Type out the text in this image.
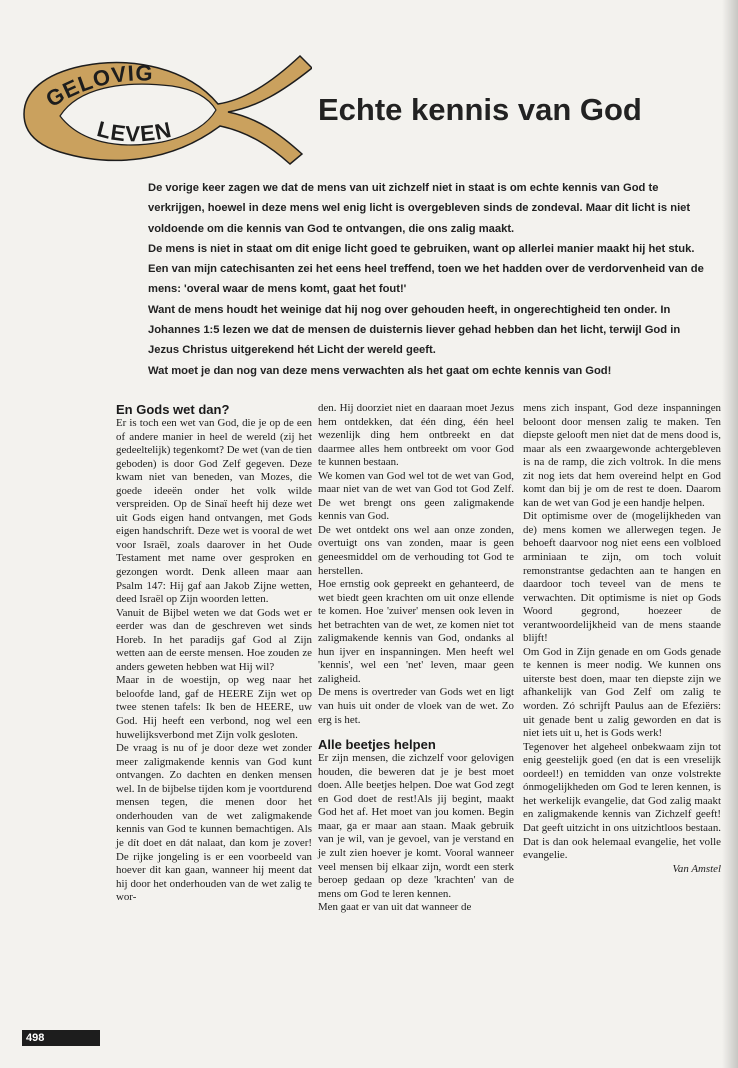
GELOVIG
LEVEN
Echte kennis van God

De vorige keer zagen we dat de mens van uit zichzelf niet in staat is om echte kennis van God te verkrijgen, hoewel in deze mens wel enig licht is overgebleven sinds de zondeval. Maar dit licht is niet voldoende om die kennis van God te ontvangen, die ons zalig maakt.

De mens is niet in staat om dit enige licht goed te gebruiken, want op allerlei manier maakt hij het stuk. Een van mijn catechisanten zei het eens heel treffend, toen we het hadden over de verdorvenheid van de mens: 'overal waar de mens komt, gaat het fout!'

Want de mens houdt het weinige dat hij nog over gehouden heeft, in ongerechtigheid ten onder. In Johannes 1:5 lezen we dat de mensen de duisternis liever gehad hebben dan het licht, terwijl God in Jezus Christus uitgerekend hét Licht der wereld geeft.

Wat moet je dan nog van deze mens verwachten als het gaat om echte kennis van God!

En Gods wet dan?

Er is toch een wet van God, die je op de een of andere manier in heel de wereld (zij het gedeeltelijk) tegenkomt? De wet (van de tien geboden) is door God Zelf gegeven. Deze kwam niet van beneden, van Mozes, die goede ideeën onder het volk wilde verspreiden. Op de Sinaï heeft hij deze wet uit Gods eigen hand ontvangen, met Gods eigen handschrift. Deze wet is vooral de wet voor Israël, zoals daarover in het Oude Testament met name over gesproken en gezongen wordt. Denk alleen maar aan Psalm 147: Hij gaf aan Jakob Zijne wetten, deed Israël op Zijn woorden letten.

Vanuit de Bijbel weten we dat Gods wet er eerder was dan de geschreven wet sinds Horeb. In het paradijs gaf God al Zijn wetten aan de eerste mensen. Hoe zouden ze anders geweten hebben wat Hij wil?

Maar in de woestijn, op weg naar het beloofde land, gaf de HEERE Zijn wet op twee stenen tafels: Ik ben de HEERE, uw God. Hij heeft een verbond, nog wel een huwelijksverbond met Zijn volk gesloten.

De vraag is nu of je door deze wet zonder meer zaligmakende kennis van God kunt ontvangen. Zo dachten en denken mensen wel. In de bijbelse tijden kom je voortdurend mensen tegen, die menen door het onderhouden van de wet zaligmakende kennis van God te kunnen bemachtigen. Als je dít doet en dát nalaat, dan kom je zover! De rijke jongeling is er een voorbeeld van hoever dit kan gaan, wanneer hij meent dat hij door het onderhouden van de wet zalig te wor-

den. Hij doorziet niet en daaraan moet Jezus hem ontdekken, dat één ding, één heel wezenlijk ding hem ontbreekt en dat daarmee alles hem ontbreekt om voor God te kunnen bestaan.

We komen van God wel tot de wet van God, maar niet van de wet van God tot God Zelf. De wet brengt ons geen zaligmakende kennis van God.

De wet ontdekt ons wel aan onze zonden, overtuigt ons van zonden, maar is geen geneesmiddel om de verhouding tot God te herstellen.

Hoe ernstig ook gepreekt en gehanteerd, de wet biedt geen krachten om uit onze ellende te komen. Hoe 'zuiver' mensen ook leven in het betrachten van de wet, ze komen niet tot zaligmakende kennis van God, ondanks al hun ijver en inspanningen. Men heeft wel 'kennis', wel een 'net' leven, maar geen zaligheid.

De mens is overtreder van Gods wet en ligt van huis uit onder de vloek van de wet. Zo erg is het.

Alle beetjes helpen

Er zijn mensen, die zichzelf voor gelovigen houden, die beweren dat je je best moet doen. Alle beetjes helpen. Doe wat God zegt en God doet de rest!Als jij begint, maakt God het af. Het moet van jou komen. Begin maar, ga er maar aan staan. Maak gebruik van je wil, van je gevoel, van je verstand en je zult zien hoever je komt. Vooral wanneer veel mensen bij elkaar zijn, wordt een sterk beroep gedaan op deze 'krachten' van de mens om God te leren kennen.

Men gaat er van uit dat wanneer de

mens zich inspant, God deze inspanningen beloont door mensen zalig te maken. Ten diepste gelooft men niet dat de mens dood is, maar als een zwaargewonde achtergebleven is na de ramp, die zich voltrok. In die mens zit nog iets dat hem overeind helpt en God komt dan bij je om de rest te doen. Daarom kan de wet van God je een handje helpen.

Dit optimisme over de (mogelijkheden van de) mens komen we allerwegen tegen. Je behoeft daarvoor nog niet eens een volbloed arminiaan te zijn, om toch voluit remonstrantse gedachten aan te hangen en daardoor toch teveel van de mens te verwachten. Dit optimisme is niet op Gods Woord gegrond, hoezeer de verantwoordelijkheid van de mens staande blijft!

Om God in Zijn genade en om Gods genade te kennen is meer nodig. We kunnen ons uiterste best doen, maar ten diepste zijn we afhankelijk van God Zelf om zalig te worden. Zó schrijft Paulus aan de Efeziërs: uit genade bent u zalig geworden en dat is niet iets uit u, het is Gods werk!

Tegenover het algeheel onbekwaam zijn tot enig geestelijk goed (en dat is een vreselijk oordeel!) en temidden van onze volstrekte ónmogelijkheden om God te leren kennen, is het werkelijk evangelie, dat God zalig maakt en zaligmakende kennis van Zichzelf geeft! Dat geeft uitzicht in ons uitzichtloos bestaan. Dat is dan ook helemaal evangelie, het volle evangelie.

Van Amstel

498
